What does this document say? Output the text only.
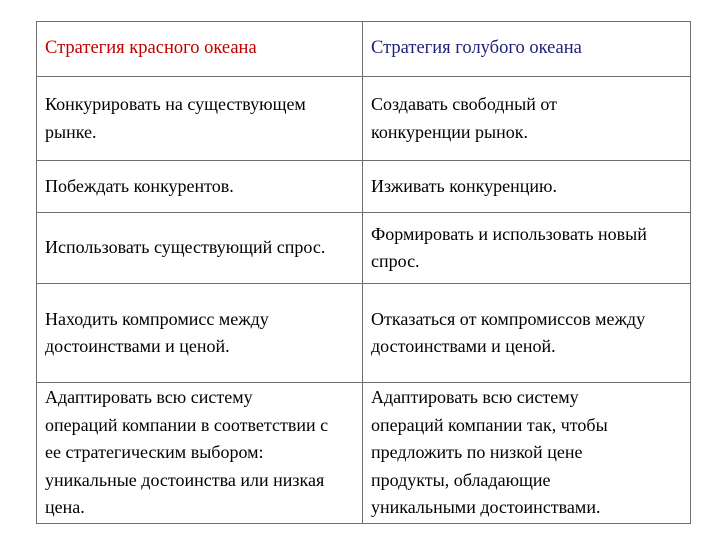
Стратегия красного океана	Стратегия голубого океана
Конкурировать на существующем
рынке.
Создавать свободный от
конкуренции рынок.
Побеждать конкурентов.	Изживать конкуренцию.
Использовать существующий спрос.
Формировать и использовать новый
спрос.
Находить компромисс между
достоинствами и ценой.
Отказаться от компромиссов между
достоинствами и ценой.
Адаптировать всю систему
операций компании в соответствии с
ее стратегическим выбором:
уникальные достоинства или низкая
цена.
Адаптировать всю систему
операций компании так, чтобы
предложить по низкой цене
продукты, обладающие
уникальными достоинствами.
